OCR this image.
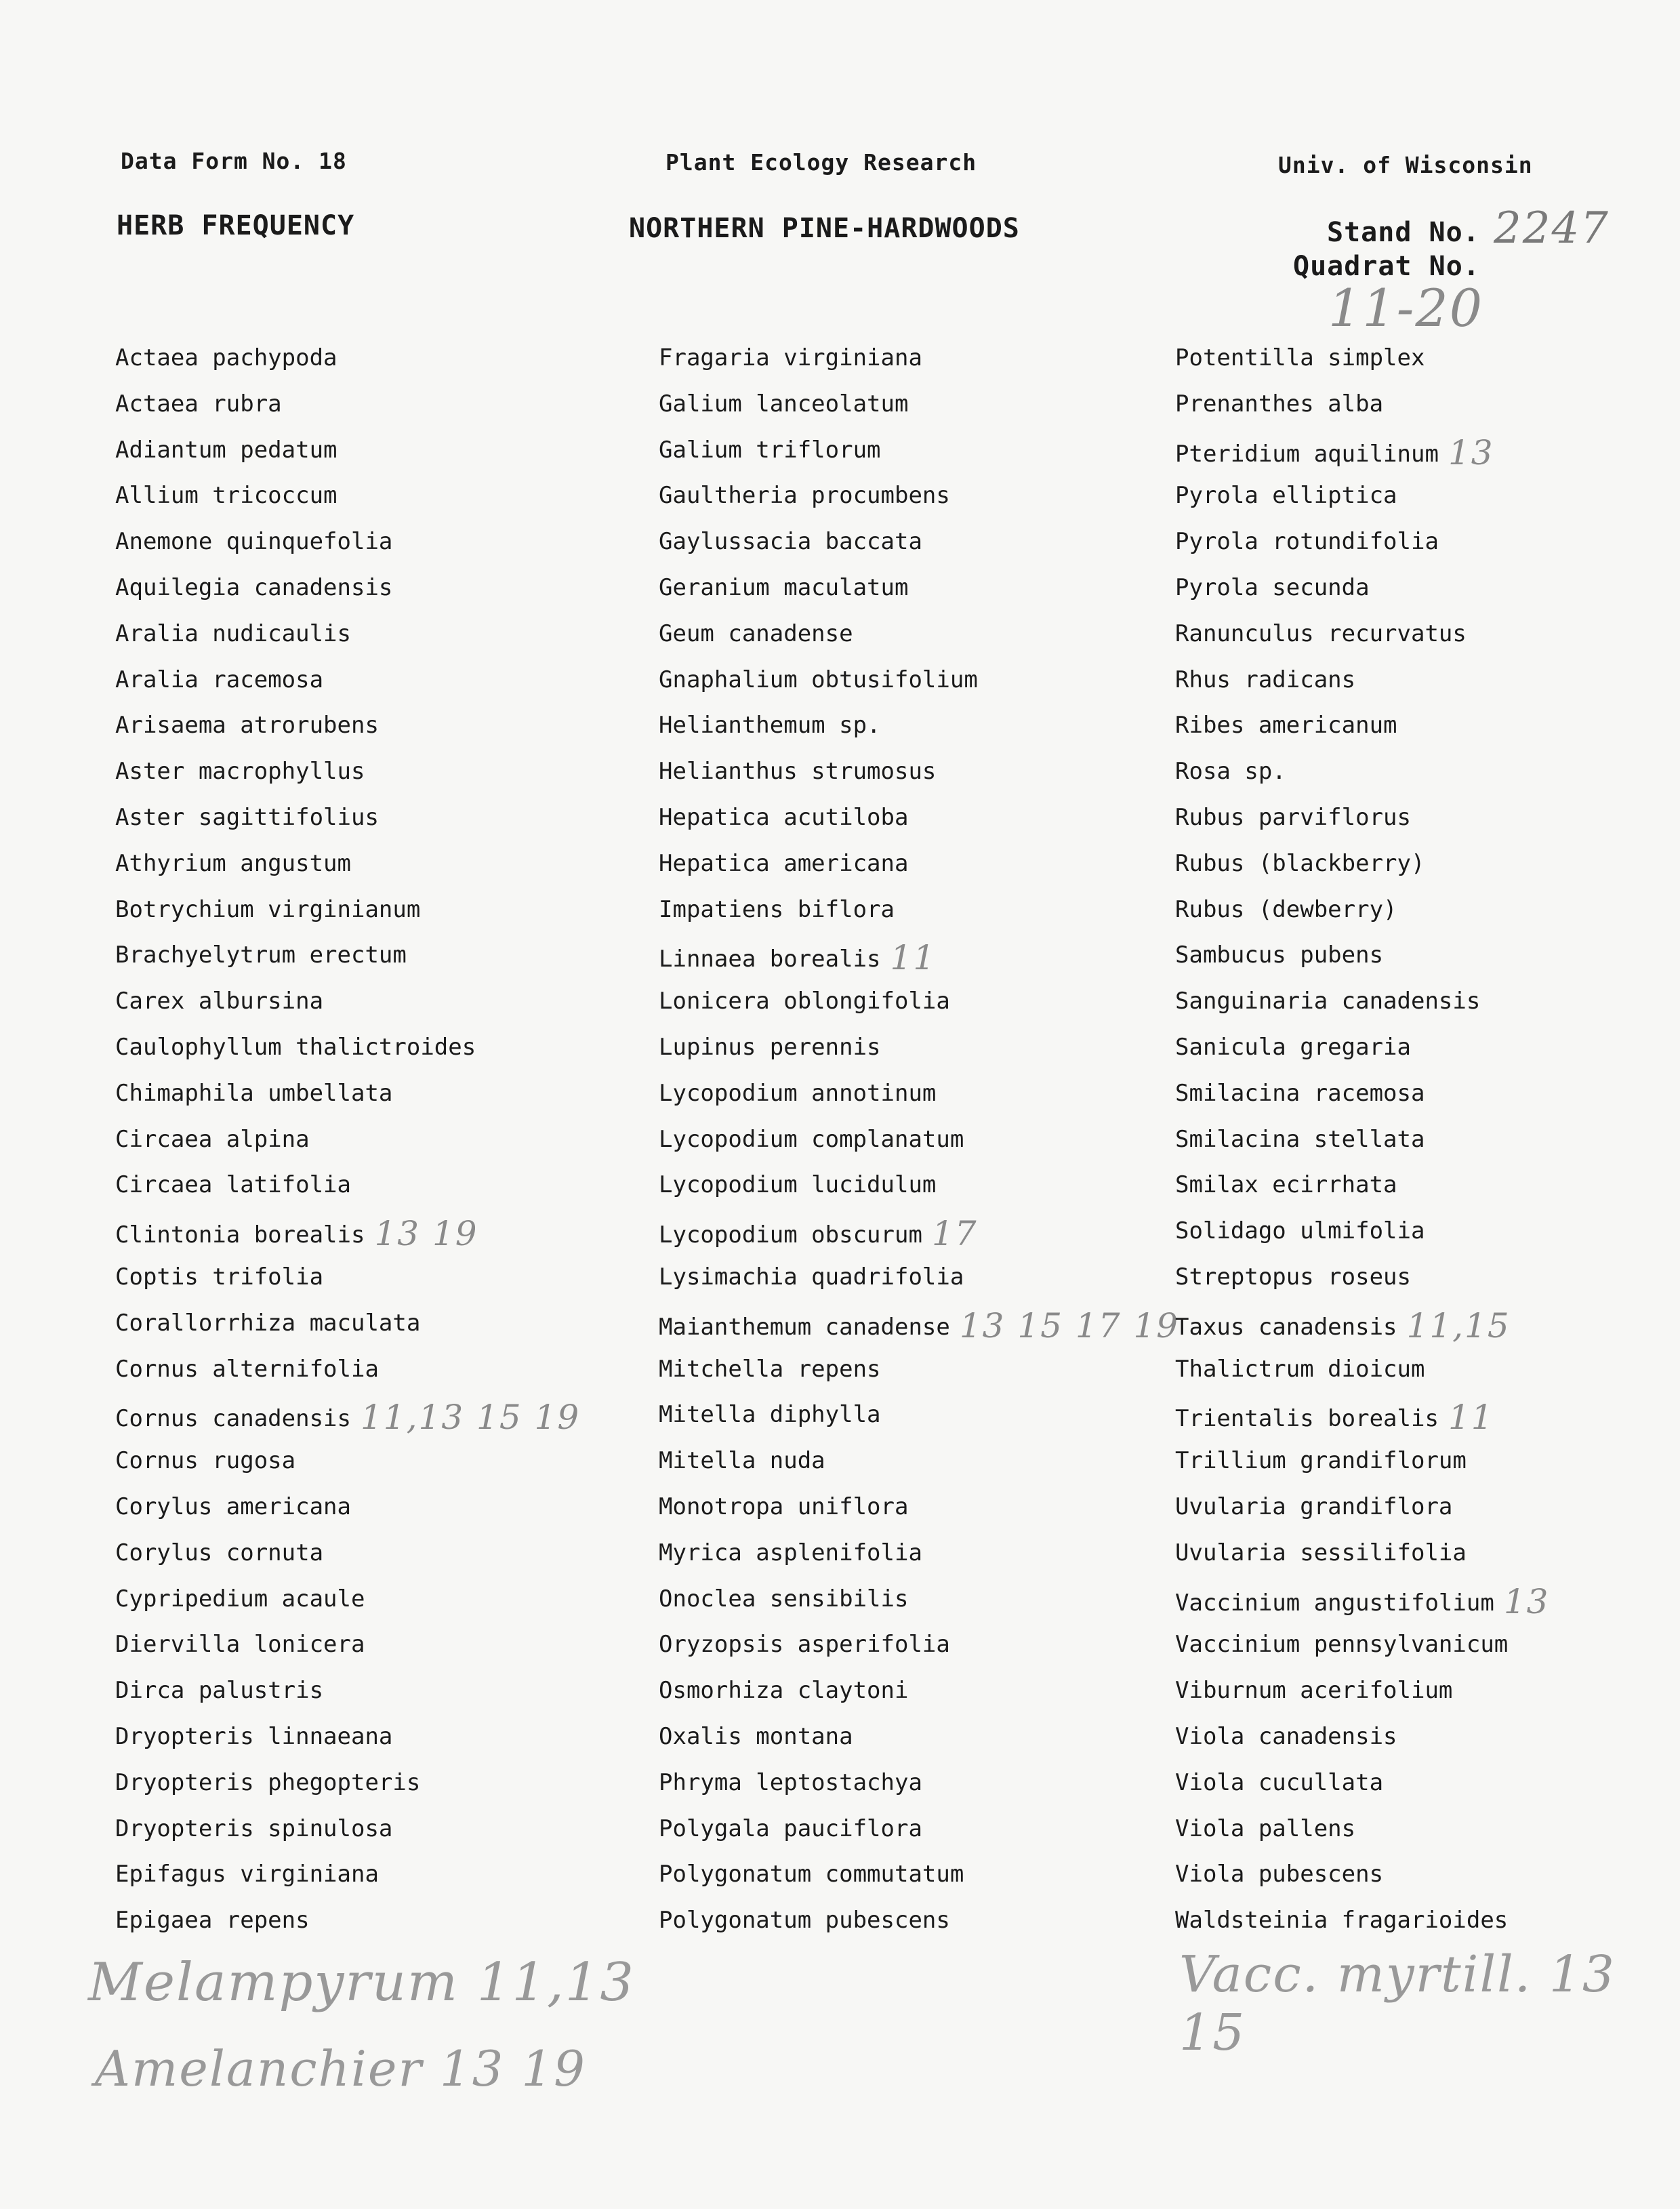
Data Form No. 18	Plant Ecology Research	Univ. of Wisconsin
HERB FREQUENCY	NORTHERN PINE-HARDWOODS	Stand No. 2247
Quadrat No.
11-20
Actaea pachypoda
Actaea rubra
Adiantum pedatum
Allium tricoccum
Anemone quinquefolia
Aquilegia canadensis
Aralia nudicaulis
Aralia racemosa
Arisaema atrorubens
Aster macrophyllus
Aster sagittifolius
Athyrium angustum
Botrychium virginianum
Brachyelytrum erectum
Carex albursina
Caulophyllum thalictroides
Chimaphila umbellata
Circaea alpina
Circaea latifolia
Clintonia borealis 13 19
Coptis trifolia
Corallorrhiza maculata
Cornus alternifolia
Cornus canadensis 11,13 15 19
Cornus rugosa
Corylus americana
Corylus cornuta
Cypripedium acaule
Diervilla lonicera
Dirca palustris
Dryopteris linnaeana
Dryopteris phegopteris
Dryopteris spinulosa
Epifagus virginiana
Epigaea repens
Fragaria virginiana
Galium lanceolatum
Galium triflorum
Gaultheria procumbens
Gaylussacia baccata
Geranium maculatum
Geum canadense
Gnaphalium obtusifolium
Helianthemum sp.
Helianthus strumosus
Hepatica acutiloba
Hepatica americana
Impatiens biflora
Linnaea borealis 11
Lonicera oblongifolia
Lupinus perennis
Lycopodium annotinum
Lycopodium complanatum
Lycopodium lucidulum
Lycopodium obscurum 17
Lysimachia quadrifolia
Maianthemum canadense 13 15 17 19
Mitchella repens
Mitella diphylla
Mitella nuda
Monotropa uniflora
Myrica asplenifolia
Onoclea sensibilis
Oryzopsis asperifolia
Osmorhiza claytoni
Oxalis montana
Phryma leptostachya
Polygala pauciflora
Polygonatum commutatum
Polygonatum pubescens
Potentilla simplex
Prenanthes alba
Pteridium aquilinum 13
Pyrola elliptica
Pyrola rotundifolia
Pyrola secunda
Ranunculus recurvatus
Rhus radicans
Ribes americanum
Rosa sp.
Rubus parviflorus
Rubus (blackberry)
Rubus (dewberry)
Sambucus pubens
Sanguinaria canadensis
Sanicula gregaria
Smilacina racemosa
Smilacina stellata
Smilax ecirrhata
Solidago ulmifolia
Streptopus roseus
Taxus canadensis 11,15
Thalictrum dioicum
Trientalis borealis 11
Trillium grandiflorum
Uvularia grandiflora
Uvularia sessilifolia
Vaccinium angustifolium 13
Vaccinium pennsylvanicum
Viburnum acerifolium
Viola canadensis
Viola cucullata
Viola pallens
Viola pubescens
Waldsteinia fragarioides
Melampyrum 11,13
Amelanchier 13 19
Vacc. myrtill. 13 15
